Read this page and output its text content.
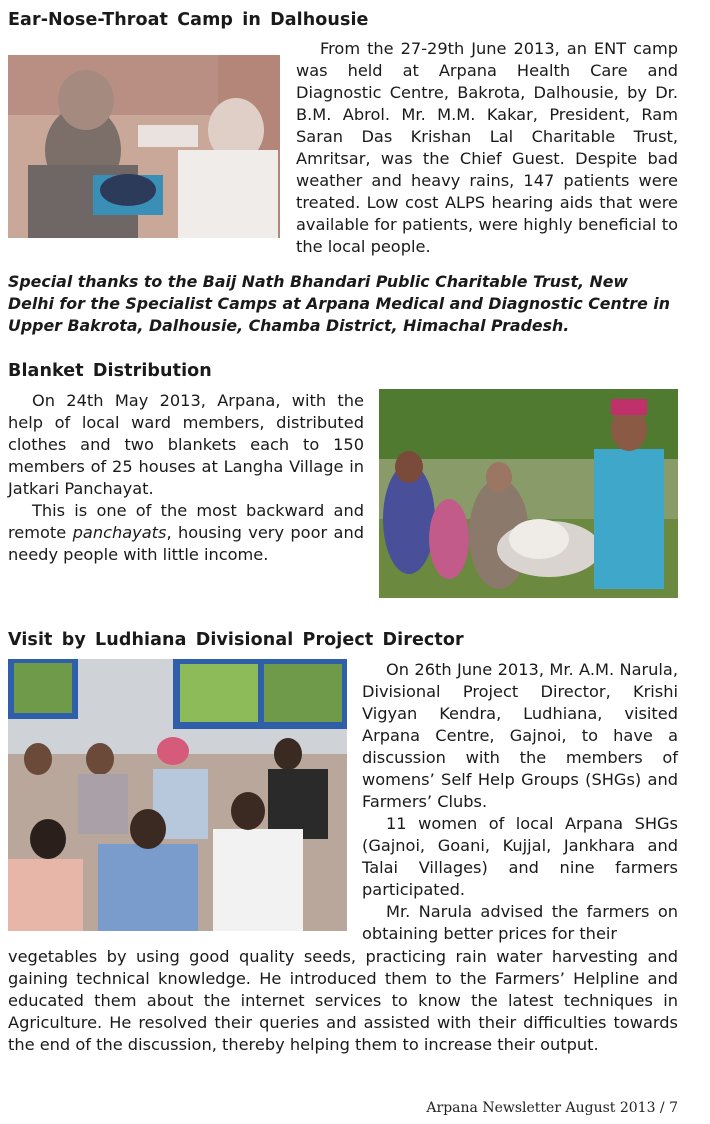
Ear-Nose-Throat Camp in Dalhousie

From the 27-29th June 2013, an ENT camp was held at Arpana Health Care and Diagnostic Centre, Bakrota, Dalhousie, by Dr. B.M. Abrol. Mr. M.M. Kakar, President, Ram Saran Das Krishan Lal Charitable Trust, Amritsar, was the Chief Guest. Despite bad weather and heavy rains, 147 patients were treated. Low cost ALPS hearing aids that were available for patients, were highly beneficial to the local people.

Special thanks to the Baij Nath Bhandari Public Charitable Trust, New Delhi for the Specialist Camps at Arpana Medical and Diagnostic Centre in Upper Bakrota, Dalhousie, Chamba District, Himachal Pradesh.
Blanket Distribution

On 24th May 2013, Arpana, with the help of local ward members, distributed clothes and two blankets each to 150 members of 25 houses at Langha Village in Jatkari Panchayat.

This is one of the most backward and remote panchayats, housing very poor and needy people with little income.

Visit by Ludhiana Divisional Project Director

On 26th June 2013, Mr. A.M. Narula, Divisional Project Director, Krishi Vigyan Kendra, Ludhiana, visited Arpana Centre, Gajnoi, to have a discussion with the members of womens’ Self Help Groups (SHGs) and Farmers’ Clubs.

11 women of local Arpana SHGs (Gajnoi, Goani, Kujjal, Jankhara and Talai Villages) and nine farmers participated.

Mr. Narula advised the farmers on obtaining better prices for their

vegetables by using good quality seeds, practicing rain water harvesting and gaining technical knowledge. He introduced them to the Farmers’ Helpline and educated them about the internet services to know the latest techniques in Agriculture. He resolved their queries and assisted with their difficulties towards the end of the discussion, thereby helping them to increase their output.

Arpana Newsletter August 2013 / 7
